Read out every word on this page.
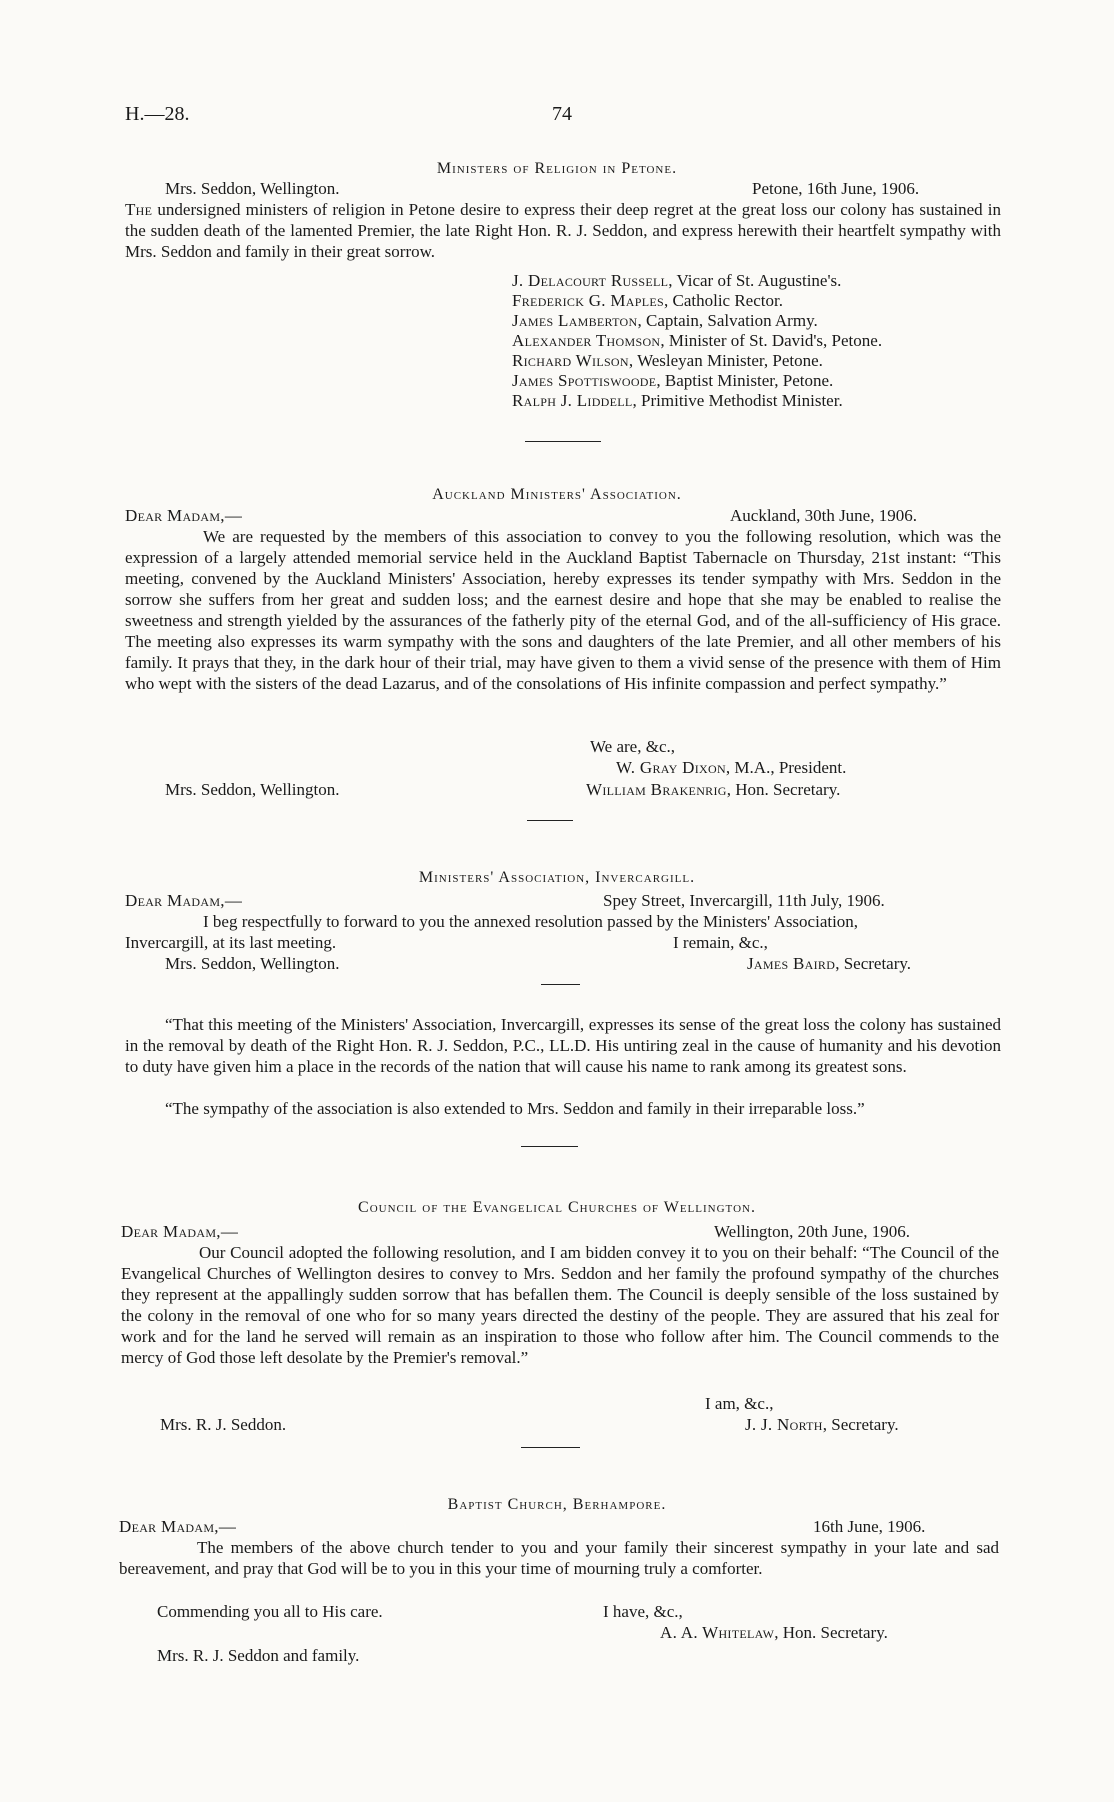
H.—28.	74
Ministers of Religion in Petone.
Mrs. Seddon, Wellington.	Petone, 16th June, 1906.
The undersigned ministers of religion in Petone desire to express their deep regret at the great loss our colony has sustained in the sudden death of the lamented Premier, the late Right Hon. R. J. Seddon, and express herewith their heartfelt sympathy with Mrs. Seddon and family in their great sorrow.
J. Delacourt Russell, Vicar of St. Augustine's.
Frederick G. Maples, Catholic Rector.
James Lamberton, Captain, Salvation Army.
Alexander Thomson, Minister of St. David's, Petone.
Richard Wilson, Wesleyan Minister, Petone.
James Spottiswoode, Baptist Minister, Petone.
Ralph J. Liddell, Primitive Methodist Minister.
Auckland Ministers' Association.
Dear Madam,—	Auckland, 30th June, 1906.
We are requested by the members of this association to convey to you the following resolution, which was the expression of a largely attended memorial service held in the Auckland Baptist Tabernacle on Thursday, 21st instant: “This meeting, convened by the Auckland Ministers' Association, hereby expresses its tender sympathy with Mrs. Seddon in the sorrow she suffers from her great and sudden loss; and the earnest desire and hope that she may be enabled to realise the sweetness and strength yielded by the assurances of the fatherly pity of the eternal God, and of the all-sufficiency of His grace. The meeting also expresses its warm sympathy with the sons and daughters of the late Premier, and all other members of his family. It prays that they, in the dark hour of their trial, may have given to them a vivid sense of the presence with them of Him who wept with the sisters of the dead Lazarus, and of the consolations of His infinite compassion and perfect sympathy.”
We are, &c.,
W. Gray Dixon, M.A., President.
Mrs. Seddon, Wellington.	William Brakenrig, Hon. Secretary.
Ministers' Association, Invercargill.
Dear Madam,—	Spey Street, Invercargill, 11th July, 1906.
I beg respectfully to forward to you the annexed resolution passed by the Ministers' Association,
Invercargill, at its last meeting.	I remain, &c.,
Mrs. Seddon, Wellington.	James Baird, Secretary.
“That this meeting of the Ministers' Association, Invercargill, expresses its sense of the great loss the colony has sustained in the removal by death of the Right Hon. R. J. Seddon, P.C., LL.D. His untiring zeal in the cause of humanity and his devotion to duty have given him a place in the records of the nation that will cause his name to rank among its greatest sons.
“The sympathy of the association is also extended to Mrs. Seddon and family in their irreparable loss.”
Council of the Evangelical Churches of Wellington.
Dear Madam,—	Wellington, 20th June, 1906.
Our Council adopted the following resolution, and I am bidden convey it to you on their behalf: “The Council of the Evangelical Churches of Wellington desires to convey to Mrs. Seddon and her family the profound sympathy of the churches they represent at the appallingly sudden sorrow that has befallen them. The Council is deeply sensible of the loss sustained by the colony in the removal of one who for so many years directed the destiny of the people. They are assured that his zeal for work and for the land he served will remain as an inspiration to those who follow after him. The Council commends to the mercy of God those left desolate by the Premier's removal.”
I am, &c.,
Mrs. R. J. Seddon.	J. J. North, Secretary.
Baptist Church, Berhampore.
Dear Madam,—	16th June, 1906.
The members of the above church tender to you and your family their sincerest sympathy in your late and sad bereavement, and pray that God will be to you in this your time of mourning truly a comforter.
Commending you all to His care.	I have, &c.,
A. A. Whitelaw, Hon. Secretary.
Mrs. R. J. Seddon and family.
